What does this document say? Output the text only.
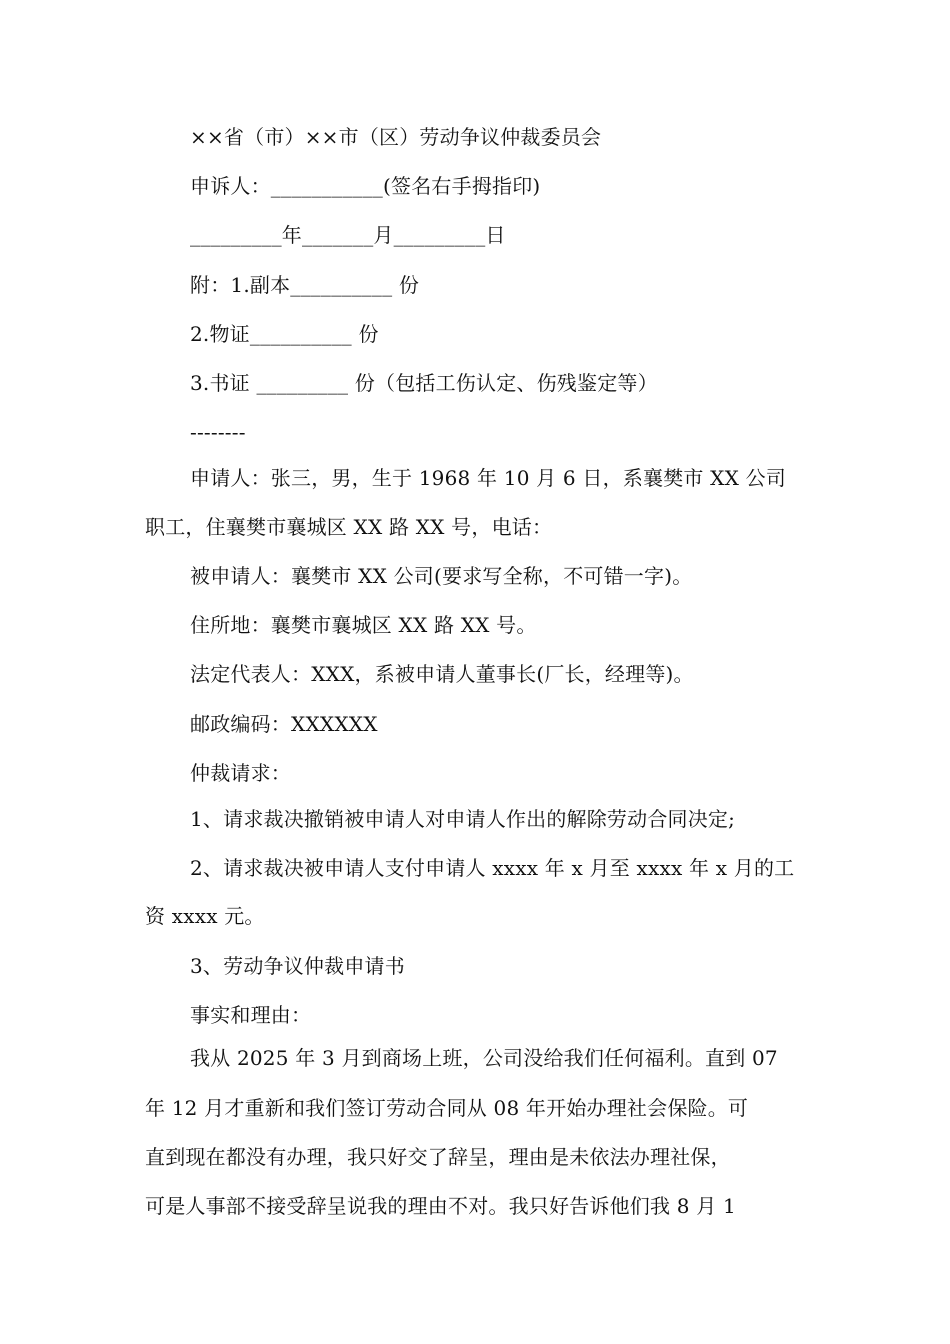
××省（市）××市（区）劳动争议仲裁委员会
申诉人：___________(签名右手拇指印)
_________年_______月_________日
附：1.副本__________ 份
2.物证__________ 份
3.书证 _________ 份（包括工伤认定、伤残鉴定等）
--------
申请人：张三，男，生于 1968 年 10 月 6 日，系襄樊市 XX 公司
职工，住襄樊市襄城区 XX 路 XX 号，电话：
被申请人：襄樊市 XX 公司(要求写全称，不可错一字)。
住所地：襄樊市襄城区 XX 路 XX 号。
法定代表人：XXX，系被申请人董事长(厂长，经理等)。
邮政编码：XXXXXX
仲裁请求：
1、请求裁决撤销被申请人对申请人作出的解除劳动合同决定;
2、请求裁决被申请人支付申请人 xxxx 年 x 月至 xxxx 年 x 月的工
资 xxxx 元。
3、劳动争议仲裁申请书
事实和理由：
我从 2025 年 3 月到商场上班，公司没给我们任何福利。直到 07
年 12 月才重新和我们签订劳动合同从 08 年开始办理社会保险。可
直到现在都没有办理，我只好交了辞呈，理由是未依法办理社保，
可是人事部不接受辞呈说我的理由不对。我只好告诉他们我 8 月 1
